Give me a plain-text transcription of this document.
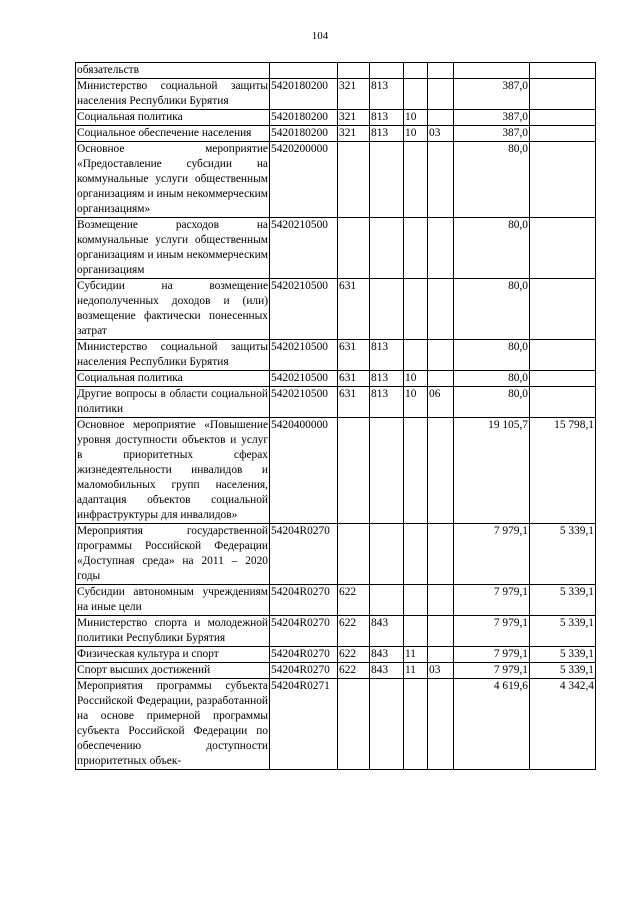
104
обязательств							
Министерство социальной защиты населения Республики Бурятия	5420180200	321	813			387,0	
Социальная политика	5420180200	321	813	10		387,0	
Социальное обеспечение населения	5420180200	321	813	10	03	387,0	
Основное мероприятие «Предоставление субсидии на коммунальные услуги общественным организациям и иным некоммерческим организациям»	5420200000					80,0	
Возмещение расходов на коммунальные услуги общественным организациям и иным некоммерческим организациям	5420210500					80,0	
Субсидии на возмещение недополученных доходов и (или) возмещение фактически понесенных затрат	5420210500	631				80,0	
Министерство социальной защиты населения Республики Бурятия	5420210500	631	813			80,0	
Социальная политика	5420210500	631	813	10		80,0	
Другие вопросы в области социальной политики	5420210500	631	813	10	06	80,0	
Основное мероприятие «Повышение уровня доступности объектов и услуг в приоритетных сферах жизнедеятельности инвалидов и маломобильных групп населения, адаптация объектов социальной инфраструктуры для инвалидов»	5420400000					19 105,7	15 798,1
Мероприятия государственной программы Российской Федерации «Доступная среда» на 2011 – 2020 годы	54204R0270					7 979,1	5 339,1
Субсидии автономным учреждениям на иные цели	54204R0270	622				7 979,1	5 339,1
Министерство спорта и молодежной политики Республики Бурятия	54204R0270	622	843			7 979,1	5 339,1
Физическая культура и спорт	54204R0270	622	843	11		7 979,1	5 339,1
Спорт высших достижений	54204R0270	622	843	11	03	7 979,1	5 339,1
Мероприятия программы субъекта Российской Федерации, разработанной на основе примерной программы субъекта Российской Федерации по обеспечению доступности приоритетных объек-	54204R0271					4 619,6	4 342,4
